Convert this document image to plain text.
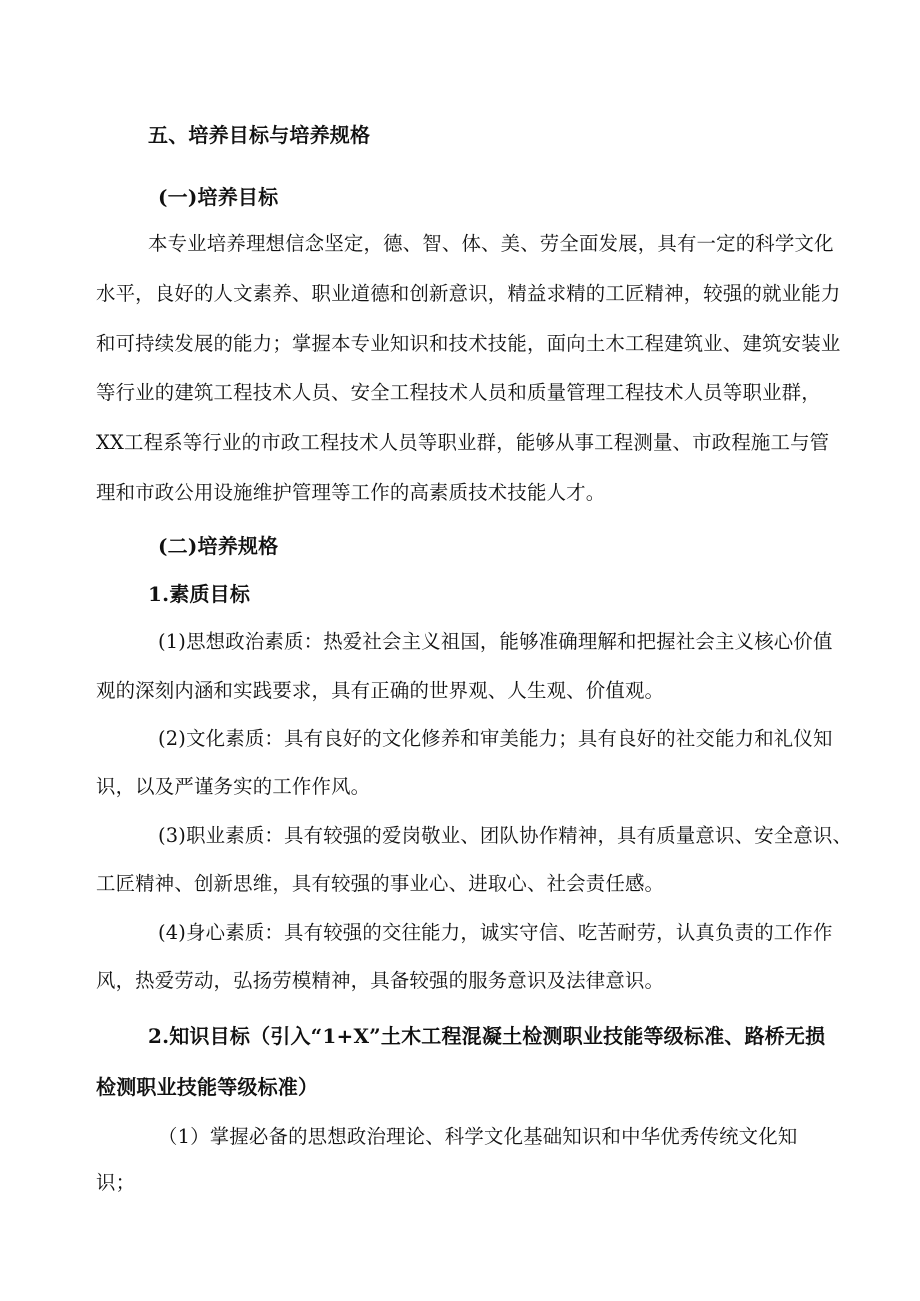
五、培养目标与培养规格
(一)培养目标
本专业培养理想信念坚定，德、智、体、美、劳全面发展，具有一定的科学文化
水平，良好的人文素养、职业道德和创新意识，精益求精的工匠精神，较强的就业能力
和可持续发展的能力；掌握本专业知识和技术技能，面向土木工程建筑业、建筑安装业
等行业的建筑工程技术人员、安全工程技术人员和质量管理工程技术人员等职业群，
XX工程系等行业的市政工程技术人员等职业群，能够从事工程测量、市政程施工与管
理和市政公用设施维护管理等工作的高素质技术技能人才。
(二)培养规格
1.素质目标
(1)思想政治素质：热爱社会主义祖国，能够准确理解和把握社会主义核心价值
观的深刻内涵和实践要求，具有正确的世界观、人生观、价值观。
(2)文化素质：具有良好的文化修养和审美能力；具有良好的社交能力和礼仪知
识，以及严谨务实的工作作风。
(3)职业素质：具有较强的爱岗敬业、团队协作精神，具有质量意识、安全意识、
工匠精神、创新思维，具有较强的事业心、进取心、社会责任感。
(4)身心素质：具有较强的交往能力，诚实守信、吃苦耐劳，认真负责的工作作
风，热爱劳动，弘扬劳模精神，具备较强的服务意识及法律意识。
2.知识目标（引入“1+X”土木工程混凝土检测职业技能等级标准、路桥无损
检测职业技能等级标准）
（1）掌握必备的思想政治理论、科学文化基础知识和中华优秀传统文化知
识；
